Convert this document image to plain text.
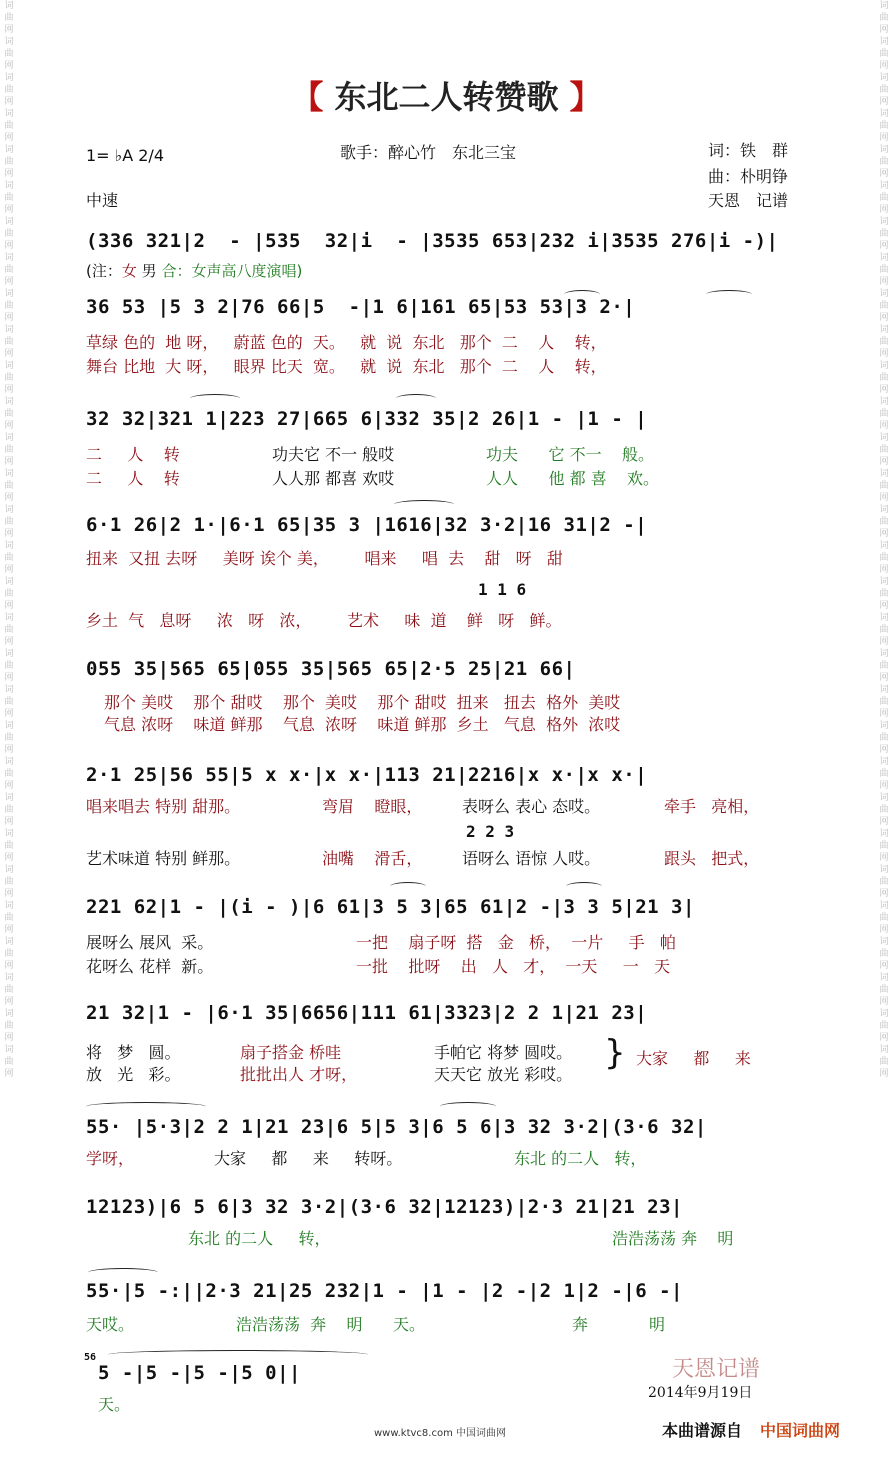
词曲网词曲网词曲网词曲网词曲网词曲网词曲网词曲网词曲网词曲网词曲网词曲网词曲网词曲网词曲网词曲网词曲网词曲网词曲网词曲网词曲网词曲网词曲网词曲网词曲网词曲网词曲网词曲网词曲网词曲网
词曲网词曲网词曲网词曲网词曲网词曲网词曲网词曲网词曲网词曲网词曲网词曲网词曲网词曲网词曲网词曲网词曲网词曲网词曲网词曲网词曲网词曲网词曲网词曲网词曲网词曲网词曲网词曲网词曲网词曲网
【 东北二人转赞歌 】
1= ♭A 2/4
中速
歌手：醉心竹　东北三宝	词：铁　群
曲：朴明铮
天恩　记谱
(336 321|2  - |535  32|i  - |3535 653|232 i|3535 276|i -)|
(注：女 男 合：女声高八度演唱)
36 53 |5 3 2|76 66|5  -|1 6|161 65|53 53|3 2·|
草绿 色的  地 呀，   蔚蓝 色的  天。   就  说  东北   那个  二    人    转，
舞台 比地  大 呀，   眼界 比天  宽。   就  说  东北   那个  二    人    转，
32 32|321 1|223 27|665 6|332 35|2 26|1 - |1 - |
二     人    转	功夫它 不一 般哎	功夫      它 不一    般。
二     人    转	人人那 都喜 欢哎	人人      他 都 喜    欢。
6·1 26|2 1·|6·1 65|35 3 |1616|32 3·2|16 31|2 -|
扭来  又扭 去呀     美呀 诶个 美，       唱来     唱  去    甜   呀   甜
1 1 6
乡土  气   息呀     浓   呀   浓，       艺术     味  道    鲜   呀   鲜。
055 35|565 65|055 35|565 65|2·5 25|21 66|
那个 美哎    那个 甜哎    那个  美哎    那个 甜哎  扭来   扭去  格外  美哎
气息 浓呀    味道 鲜那    气息  浓呀    味道 鲜那  乡土   气息  格外  浓哎
2·1 25|56 55|5 x x·|x x·|113 21|2216|x x·|x x·|
唱来唱去 特别 甜那。	弯眉    瞪眼，	表呀么 表心 态哎。	牵手   亮相，
2 2 3
艺术味道 特别 鲜那。	油嘴    滑舌，	语呀么 语惊 人哎。	跟头   把式，
221 62|1 - |(i - )|6 61|3 5 3|65 61|2 -|3 3 5|21 3|
展呀么 展风  采。	一把    扇子呀  搭   金   桥，  一片     手   帕
花呀么 花样  新。	一批    批呀    出   人   才，  一天     一   天
21 32|1 - |6·1 35|6656|111 61|3323|2 2 1|21 23|
将   梦   圆。	扇子搭金 桥哇	手帕它 将梦 圆哎。
放   光   彩。	批批出人 才呀，	天天它 放光 彩哎。
} 大家     都     来
55· |5·3|2 2 1|21 23|6 5|5 3|6 5 6|3 32 3·2|(3·6 32|
学呀，	大家     都     来     转呀。	东北 的二人   转，
12123)|6 5 6|3 32 3·2|(3·6 32|12123)|2·3 21|21 23|
东北 的二人     转，	浩浩荡荡 奔    明
55·|5 -:||2·3 21|25 232|1 - |1 - |2 -|2 1|2 -|6 -|
天哎。	浩浩荡荡  奔    明      天。	奔            明
56
5 -|5 -|5 -|5 0||
天。
天恩记谱
2014年9月19日
www.ktvc8.com 中国词曲网	本曲谱源自 中国词曲网
